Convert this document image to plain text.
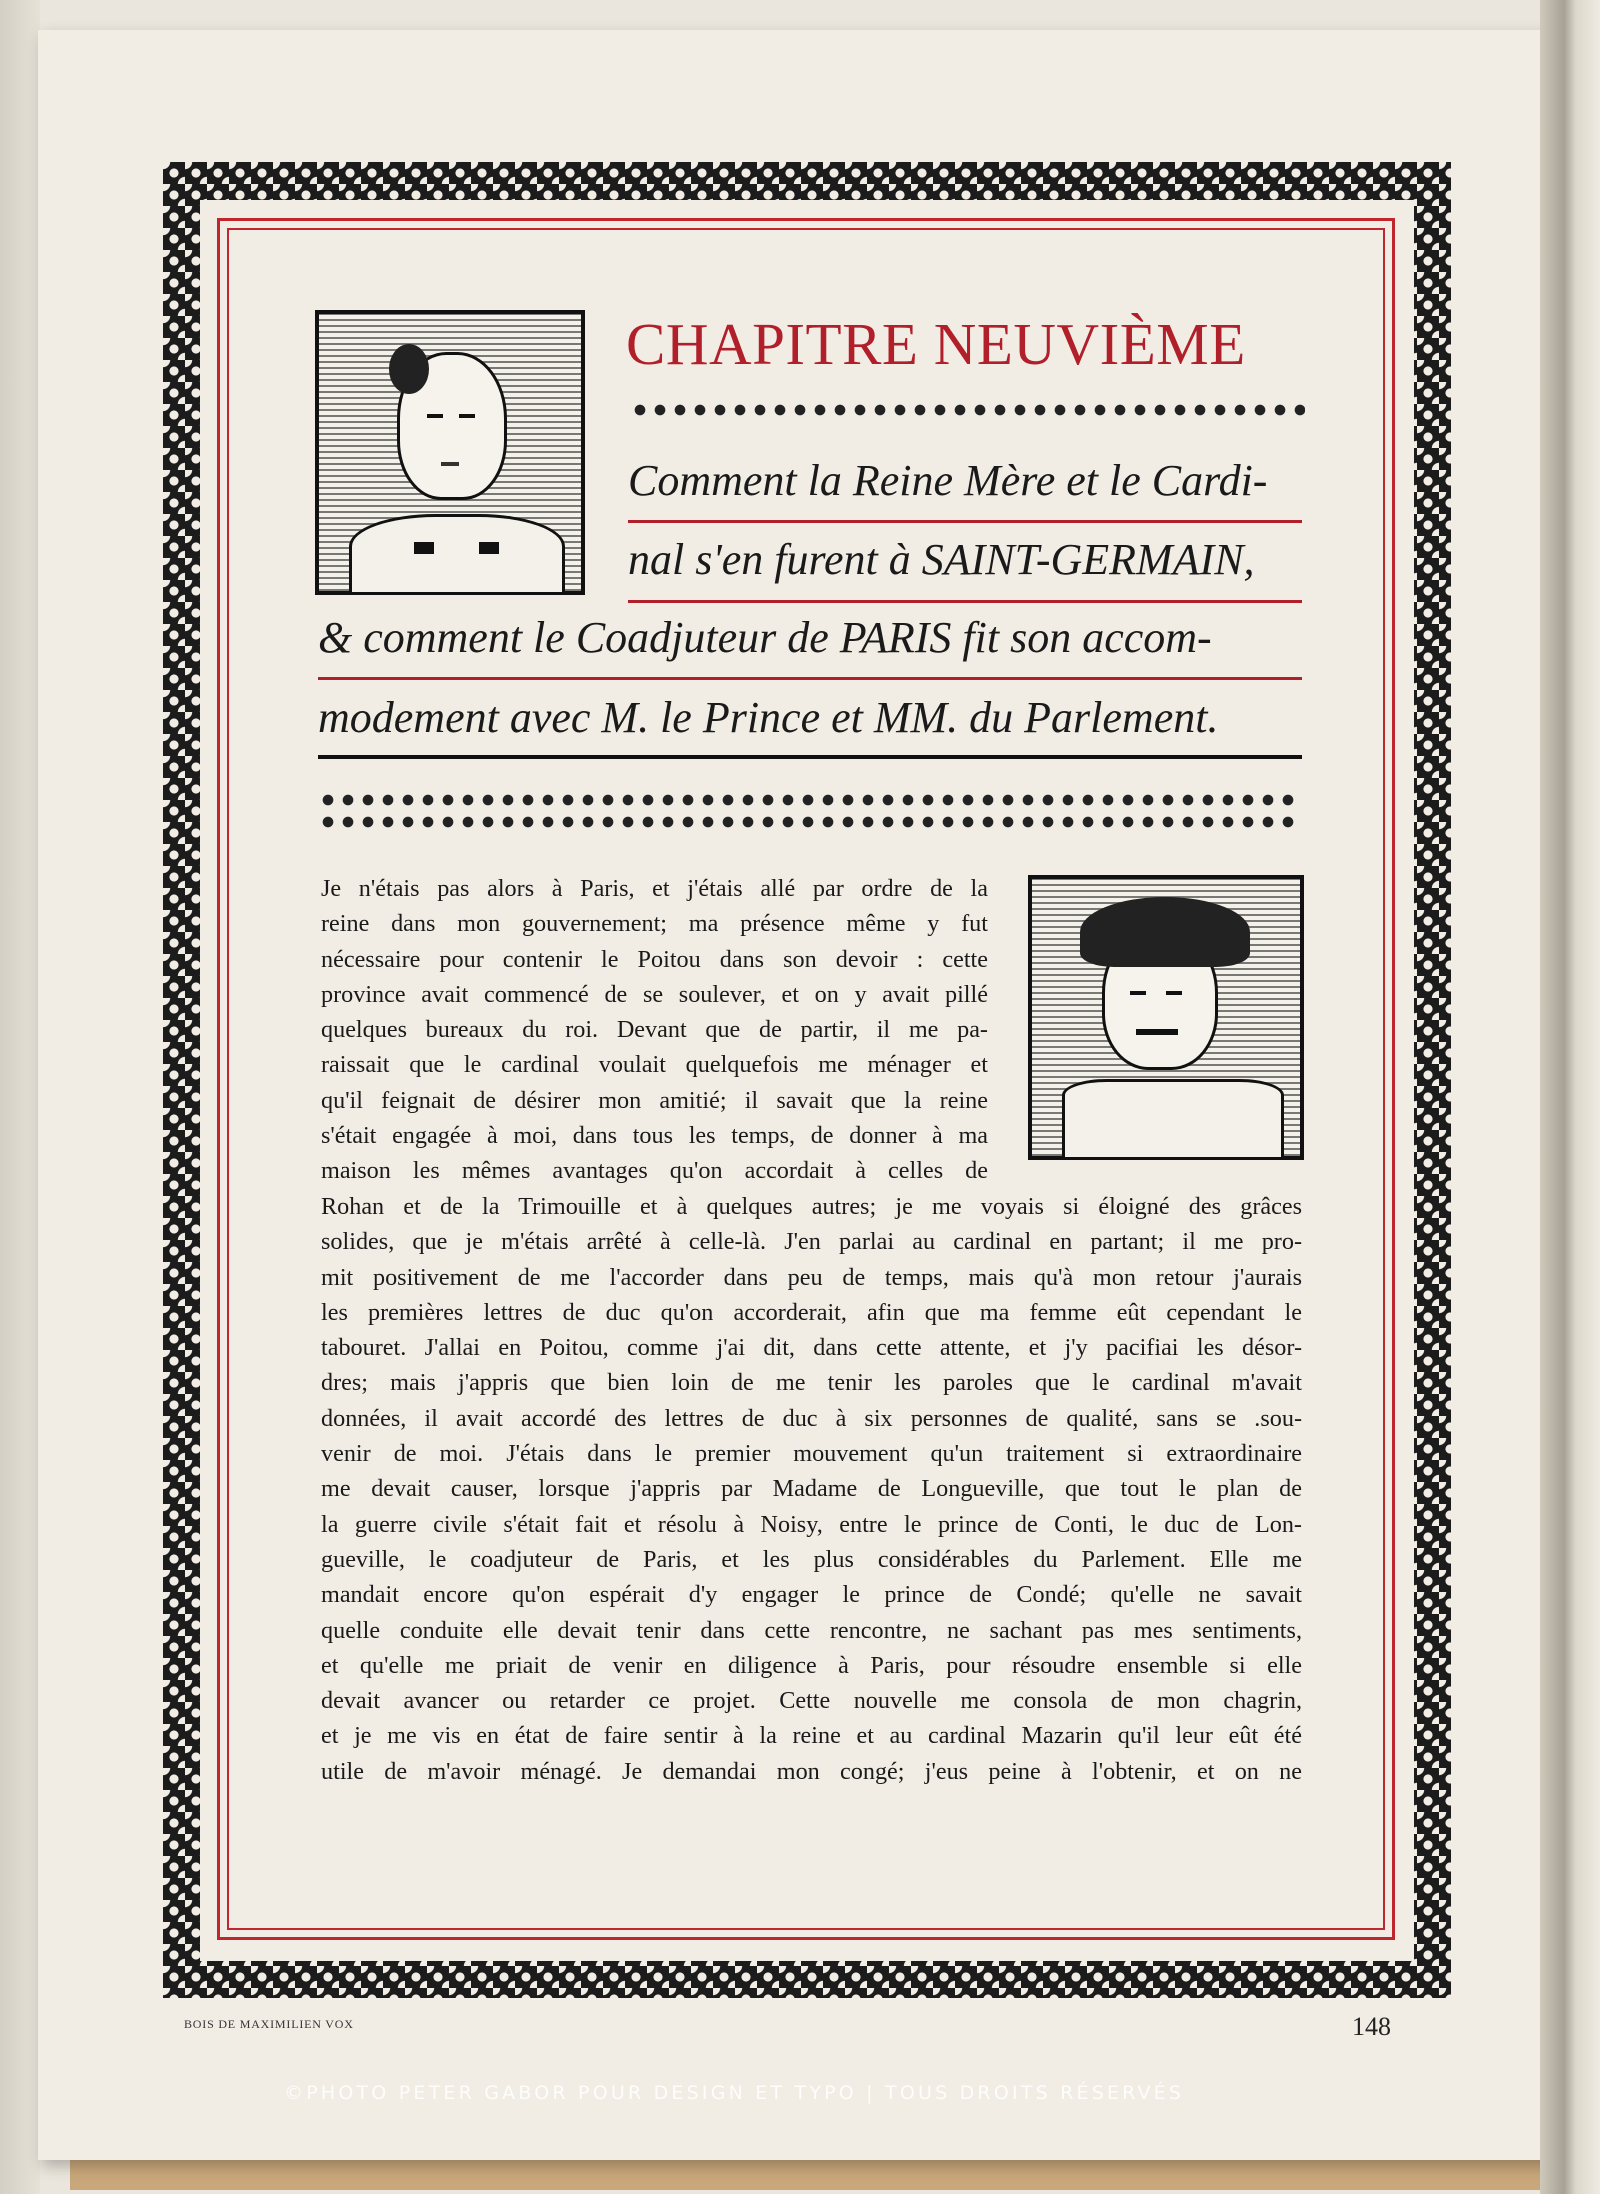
CHAPITRE NEUVIÈME
Comment la Reine Mère et le Cardi-
nal s'en furent à SAINT-GERMAIN,
& comment le Coadjuteur de PARIS fit son accom-
modement avec M. le Prince et MM. du Parlement.
Je n'étais pas alors à Paris, et j'étais allé par ordre de la
reine dans mon gouvernement; ma présence même y fut
nécessaire pour contenir le Poitou dans son devoir : cette
province avait commencé de se soulever, et on y avait pillé
quelques bureaux du roi. Devant que de partir, il me pa-
raissait que le cardinal voulait quelquefois me ménager et
qu'il feignait de désirer mon amitié; il savait que la reine
s'était engagée à moi, dans tous les temps, de donner à ma
maison les mêmes avantages qu'on accordait à celles de
Rohan et de la Trimouille et à quelques autres; je me voyais si éloigné des grâces
solides, que je m'étais arrêté à celle-là. J'en parlai au cardinal en partant; il me pro-
mit positivement de me l'accorder dans peu de temps, mais qu'à mon retour j'aurais
les premières lettres de duc qu'on accorderait, afin que ma femme eût cependant le
tabouret. J'allai en Poitou, comme j'ai dit, dans cette attente, et j'y pacifiai les désor-
dres; mais j'appris que bien loin de me tenir les paroles que le cardinal m'avait
données, il avait accordé des lettres de duc à six personnes de qualité, sans se .sou-
venir de moi. J'étais dans le premier mouvement qu'un traitement si extraordinaire
me devait causer, lorsque j'appris par Madame de Longueville, que tout le plan de
la guerre civile s'était fait et résolu à Noisy, entre le prince de Conti, le duc de Lon-
gueville, le coadjuteur de Paris, et les plus considérables du Parlement. Elle me
mandait encore qu'on espérait d'y engager le prince de Condé; qu'elle ne savait
quelle conduite elle devait tenir dans cette rencontre, ne sachant pas mes sentiments,
et qu'elle me priait de venir en diligence à Paris, pour résoudre ensemble si elle
devait avancer ou retarder ce projet. Cette nouvelle me consola de mon chagrin,
et je me vis en état de faire sentir à la reine et au cardinal Mazarin qu'il leur eût été
utile de m'avoir ménagé. Je demandai mon congé; j'eus peine à l'obtenir, et on ne
BOIS DE MAXIMILIEN VOX	148
©PHOTO PETER GABOR POUR DESIGN ET TYPO | TOUS DROITS RÉSERVÉS
